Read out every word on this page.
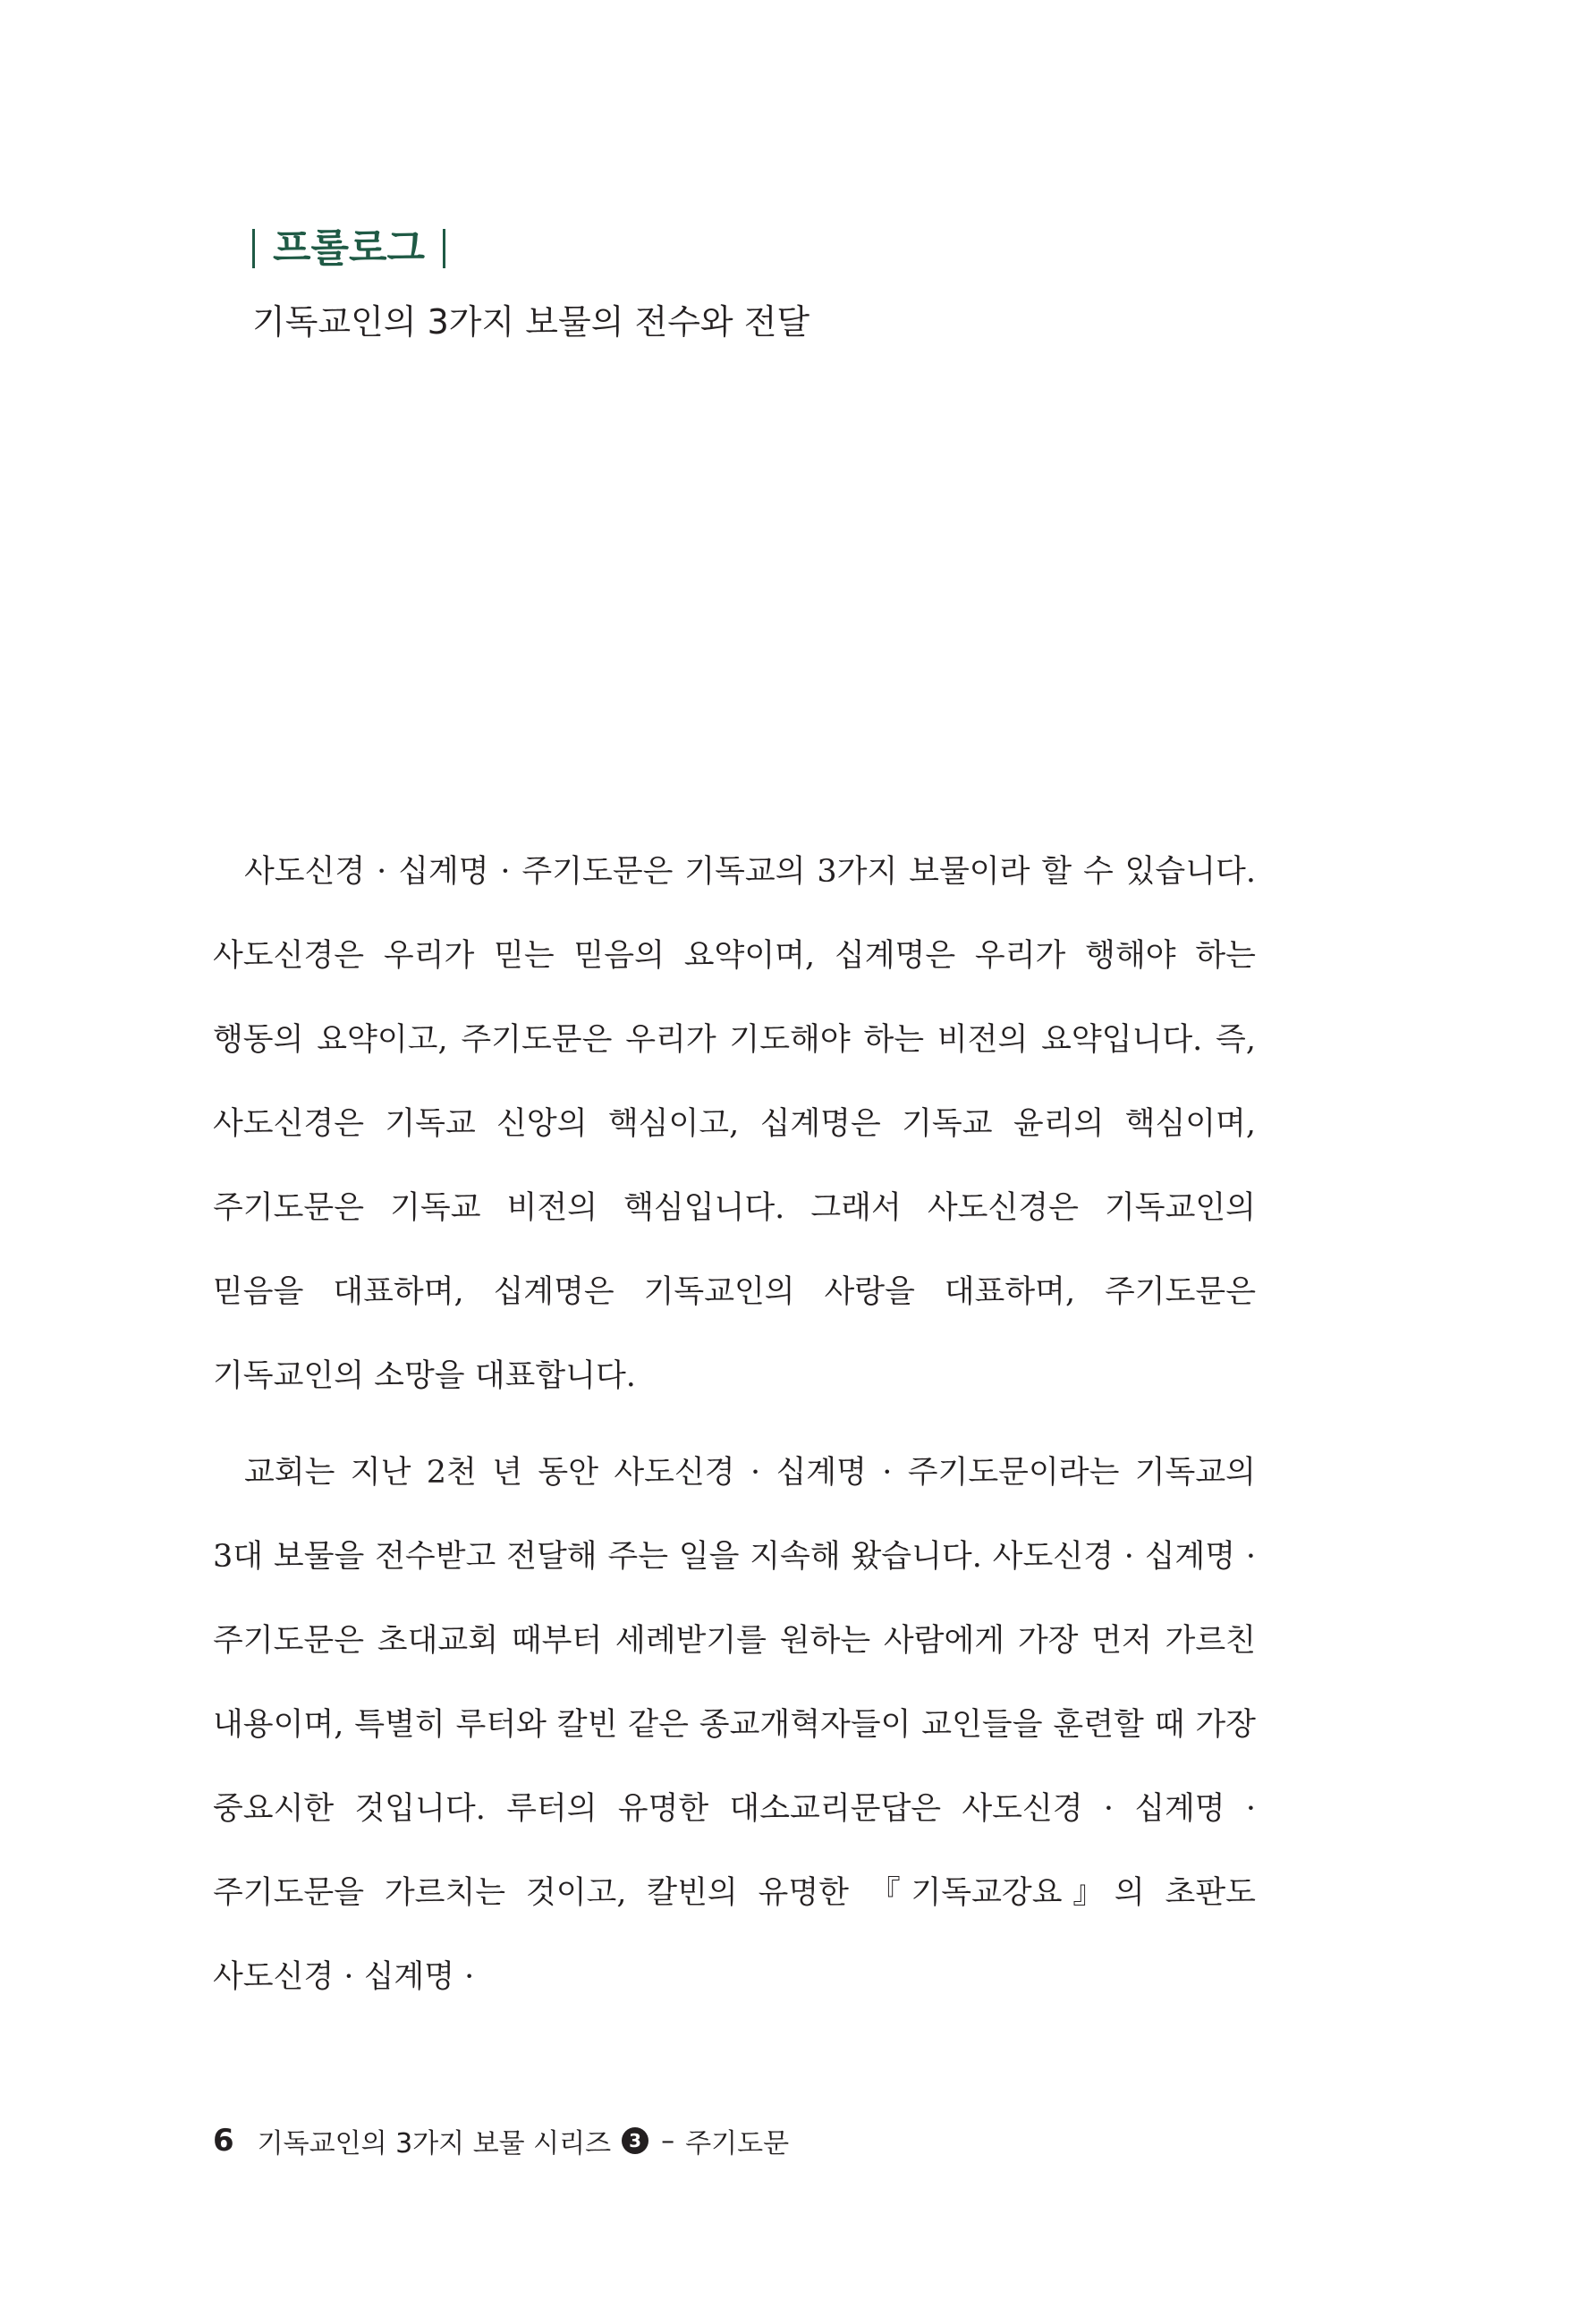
프롤로그
기독교인의 3가지 보물의 전수와 전달

사도신경 · 십계명 · 주기도문은 기독교의 3가지 보물이라 할 수 있습니다. 사도신경은 우리가 믿는 믿음의 요약이며, 십계명은 우리가 행해야 하는 행동의 요약이고, 주기도문은 우리가 기도해야 하는 비전의 요약입니다. 즉, 사도신경은 기독교 신앙의 핵심이고, 십계명은 기독교 윤리의 핵심이며, 주기도문은 기독교 비전의 핵심입니다. 그래서 사도신경은 기독교인의 믿음을 대표하며, 십계명은 기독교인의 사랑을 대표하며, 주기도문은 기독교인의 소망을 대표합니다.

교회는 지난 2천 년 동안 사도신경 · 십계명 · 주기도문이라는 기독교의 3대 보물을 전수받고 전달해 주는 일을 지속해 왔습니다. 사도신경 · 십계명 · 주기도문은 초대교회 때부터 세례받기를 원하는 사람에게 가장 먼저 가르친 내용이며, 특별히 루터와 칼빈 같은 종교개혁자들이 교인들을 훈련할 때 가장 중요시한 것입니다. 루터의 유명한 대소교리문답은 사도신경 · 십계명 · 주기도문을 가르치는 것이고, 칼빈의 유명한 『기독교강요』의 초판도 사도신경 · 십계명 ·

6 기독교인의 3가지 보물 시리즈	3 – 주기도문
